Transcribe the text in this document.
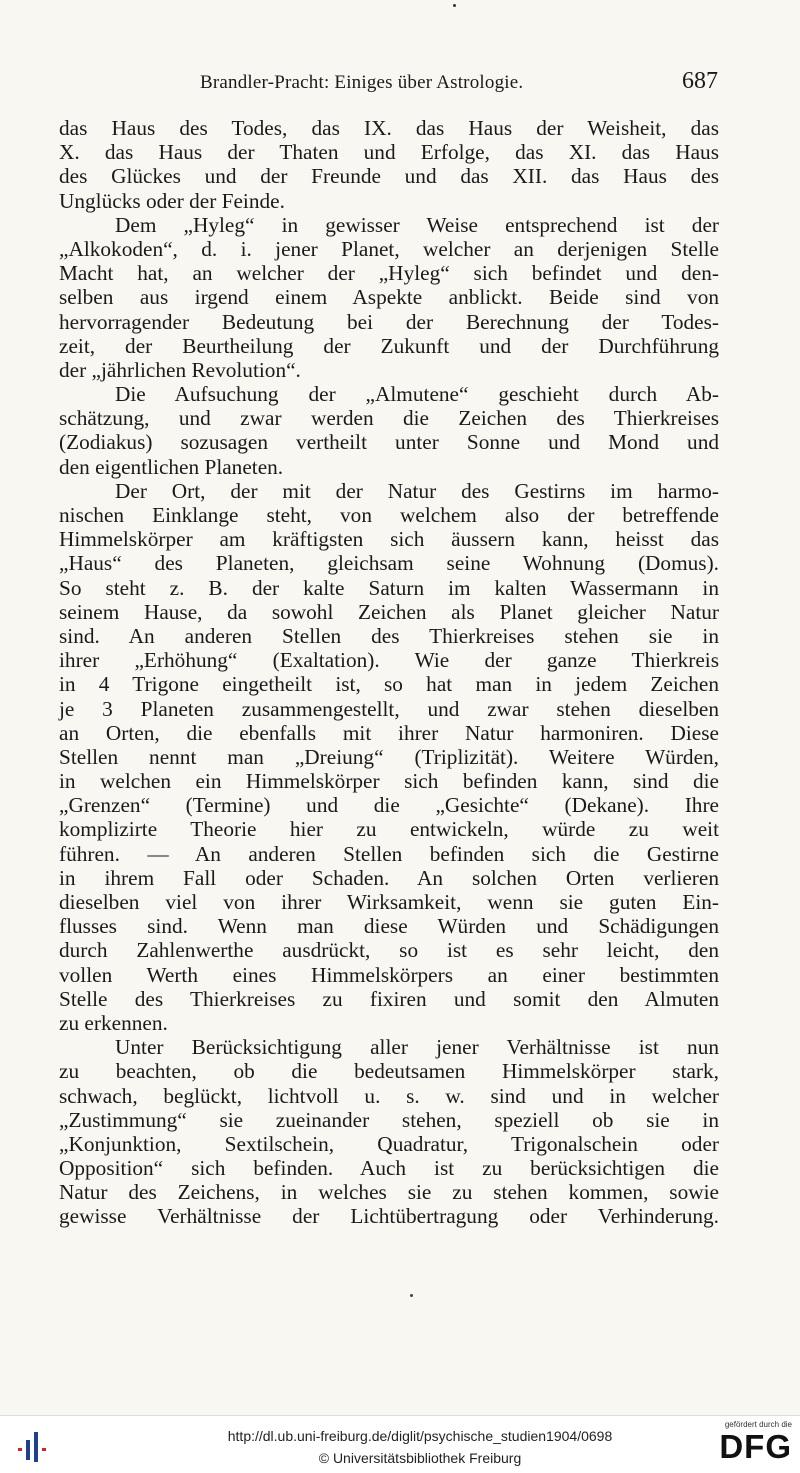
Brandler-Pracht: Einiges über Astrologie.	687
das Haus des Todes, das IX. das Haus der Weisheit, das
X. das Haus der Thaten und Erfolge, das XI. das Haus
des Glückes und der Freunde und das XII. das Haus des
Unglücks oder der Feinde.
Dem „Hyleg“ in gewisser Weise entsprechend ist der
„Alkokoden“, d. i. jener Planet, welcher an derjenigen Stelle
Macht hat, an welcher der „Hyleg“ sich befindet und den-
selben aus irgend einem Aspekte anblickt. Beide sind von
hervorragender Bedeutung bei der Berechnung der Todes-
zeit, der Beurtheilung der Zukunft und der Durchführung
der „jährlichen Revolution“.
Die Aufsuchung der „Almutene“ geschieht durch Ab-
schätzung, und zwar werden die Zeichen des Thierkreises
(Zodiakus) sozusagen vertheilt unter Sonne und Mond und
den eigentlichen Planeten.
Der Ort, der mit der Natur des Gestirns im harmo-
nischen Einklange steht, von welchem also der betreffende
Himmelskörper am kräftigsten sich äussern kann, heisst das
„Haus“ des Planeten, gleichsam seine Wohnung (Domus).
So steht z. B. der kalte Saturn im kalten Wassermann in
seinem Hause, da sowohl Zeichen als Planet gleicher Natur
sind. An anderen Stellen des Thierkreises stehen sie in
ihrer „Erhöhung“ (Exaltation). Wie der ganze Thierkreis
in 4 Trigone eingetheilt ist, so hat man in jedem Zeichen
je 3 Planeten zusammengestellt, und zwar stehen dieselben
an Orten, die ebenfalls mit ihrer Natur harmoniren. Diese
Stellen nennt man „Dreiung“ (Triplizität). Weitere Würden,
in welchen ein Himmelskörper sich befinden kann, sind die
„Grenzen“ (Termine) und die „Gesichte“ (Dekane). Ihre
komplizirte Theorie hier zu entwickeln, würde zu weit
führen. — An anderen Stellen befinden sich die Gestirne
in ihrem Fall oder Schaden. An solchen Orten verlieren
dieselben viel von ihrer Wirksamkeit, wenn sie guten Ein-
flusses sind. Wenn man diese Würden und Schädigungen
durch Zahlenwerthe ausdrückt, so ist es sehr leicht, den
vollen Werth eines Himmelskörpers an einer bestimmten
Stelle des Thierkreises zu fixiren und somit den Almuten
zu erkennen.
Unter Berücksichtigung aller jener Verhältnisse ist nun
zu beachten, ob die bedeutsamen Himmelskörper stark,
schwach, beglückt, lichtvoll u. s. w. sind und in welcher
„Zustimmung“ sie zueinander stehen, speziell ob sie in
„Konjunktion, Sextilschein, Quadratur, Trigonalschein oder
Opposition“ sich befinden. Auch ist zu berücksichtigen die
Natur des Zeichens, in welches sie zu stehen kommen, sowie
gewisse Verhältnisse der Lichtübertragung oder Verhinderung.
http://dl.ub.uni-freiburg.de/diglit/psychische_studien1904/0698
© Universitätsbibliothek Freiburg
gefördert durch die
DFG
